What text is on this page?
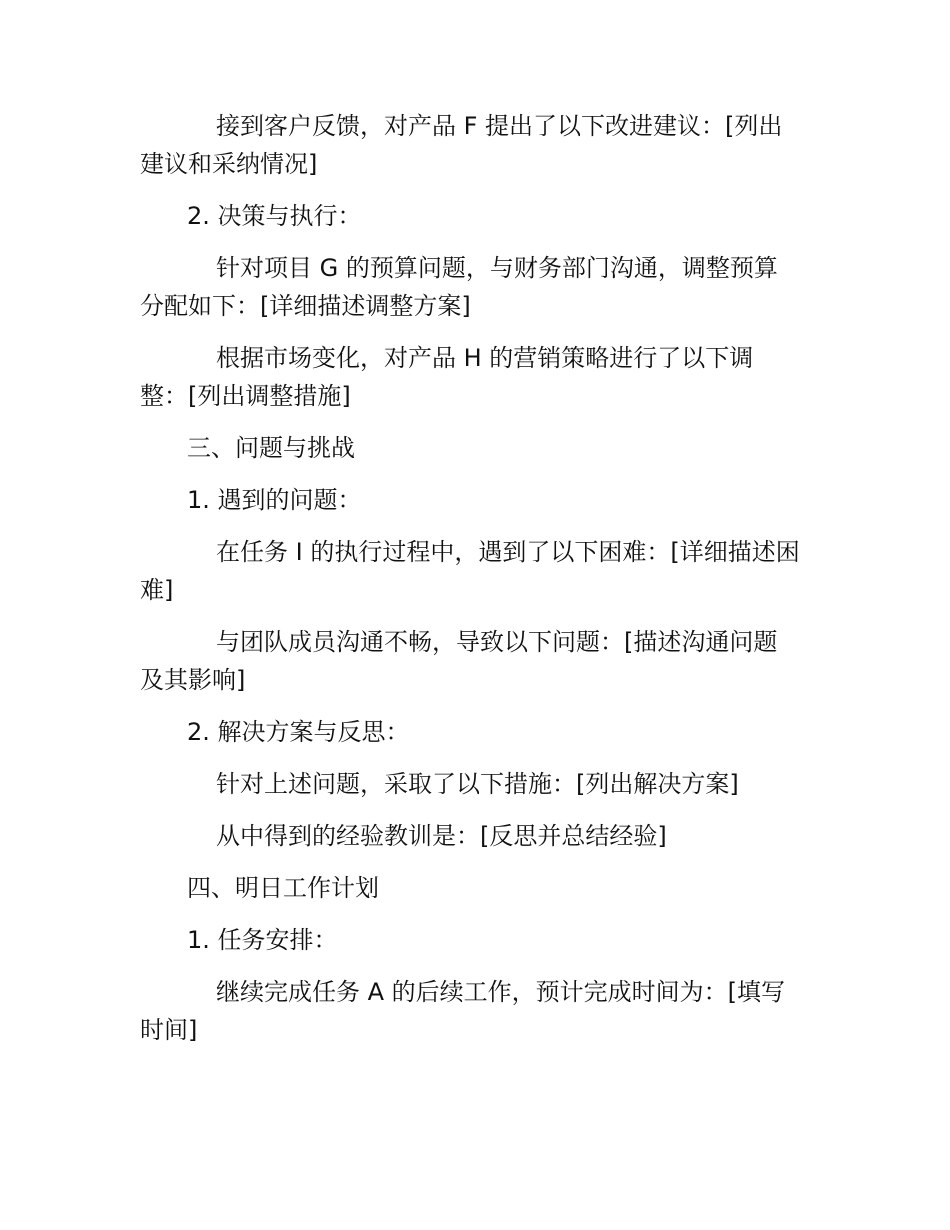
接到客户反馈，对产品 F 提出了以下改进建议：[列出建议和采纳情况]

2. 决策与执行：

针对项目 G 的预算问题，与财务部门沟通，调整预算分配如下：[详细描述调整方案]

根据市场变化，对产品 H 的营销策略进行了以下调整：[列出调整措施]

三、问题与挑战

1. 遇到的问题：

在任务 I 的执行过程中，遇到了以下困难：[详细描述困难]

与团队成员沟通不畅，导致以下问题：[描述沟通问题及其影响]

2. 解决方案与反思：

针对上述问题，采取了以下措施：[列出解决方案]

从中得到的经验教训是：[反思并总结经验]

四、明日工作计划

1. 任务安排：

继续完成任务 A 的后续工作，预计完成时间为：[填写时间]
